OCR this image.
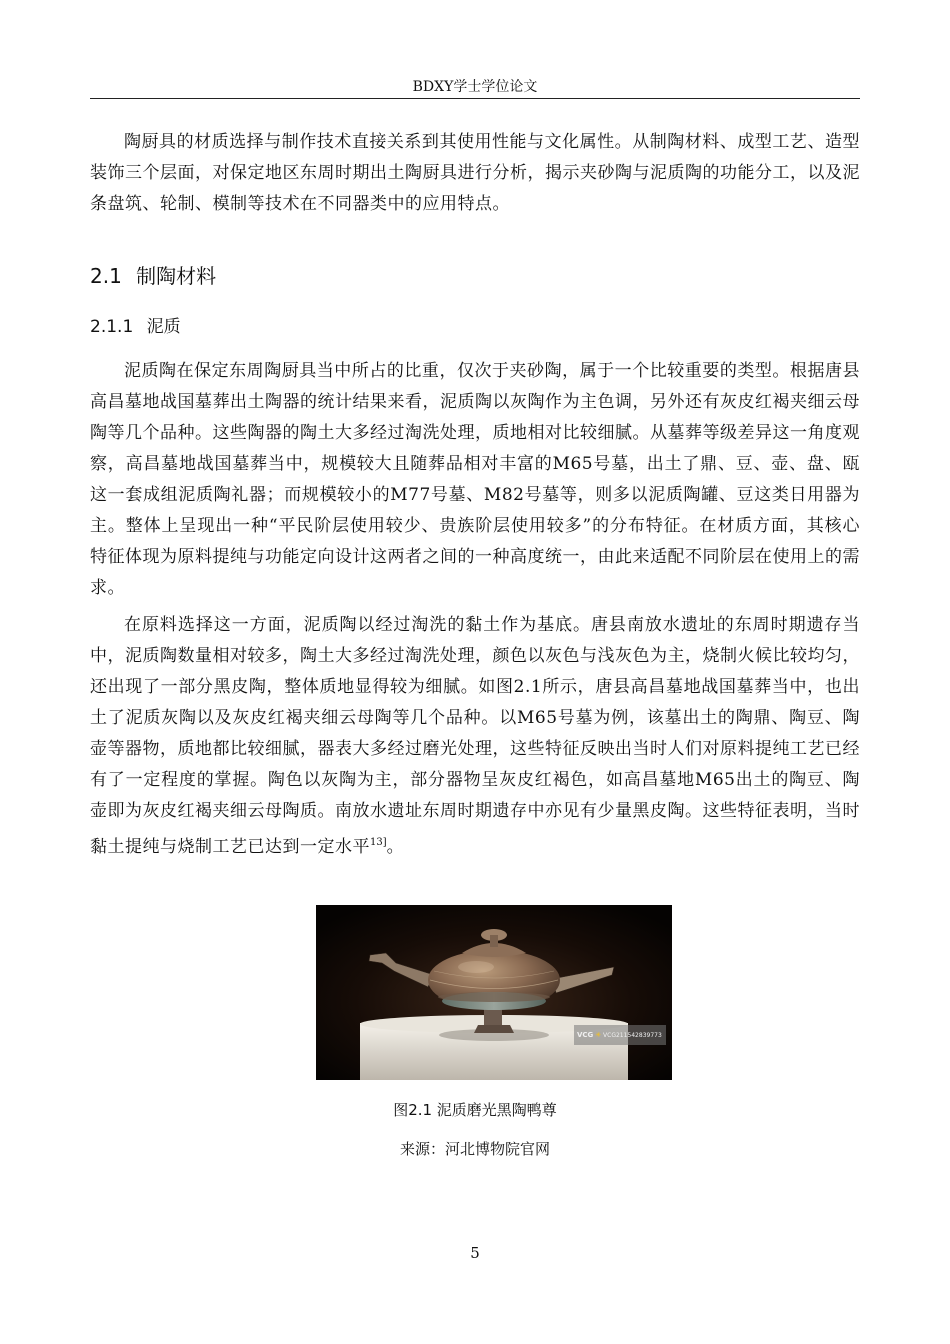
BDXY学士学位论文

陶厨具的材质选择与制作技术直接关系到其使用性能与文化属性。从制陶材料、成型工艺、造型装饰三个层面，对保定地区东周时期出土陶厨具进行分析，揭示夹砂陶与泥质陶的功能分工，以及泥条盘筑、轮制、模制等技术在不同器类中的应用特点。

2.1 制陶材料
2.1.1 泥质

泥质陶在保定东周陶厨具当中所占的比重，仅次于夹砂陶，属于一个比较重要的类型。根据唐县高昌墓地战国墓葬出土陶器的统计结果来看，泥质陶以灰陶作为主色调，另外还有灰皮红褐夹细云母陶等几个品种。这些陶器的陶土大多经过淘洗处理，质地相对比较细腻。从墓葬等级差异这一角度观察，高昌墓地战国墓葬当中，规模较大且随葬品相对丰富的M65号墓，出土了鼎、豆、壶、盘、瓯这一套成组泥质陶礼器；而规模较小的M77号墓、M82号墓等，则多以泥质陶罐、豆这类日用器为主。整体上呈现出一种“平民阶层使用较少、贵族阶层使用较多”的分布特征。在材质方面，其核心特征体现为原料提纯与功能定向设计这两者之间的一种高度统一，由此来适配不同阶层在使用上的需求。

在原料选择这一方面，泥质陶以经过淘洗的黏土作为基底。唐县南放水遗址的东周时期遗存当中，泥质陶数量相对较多，陶土大多经过淘洗处理，颜色以灰色与浅灰色为主，烧制火候比较均匀，还出现了一部分黑皮陶，整体质地显得较为细腻。如图2.1所示，唐县高昌墓地战国墓葬当中，也出土了泥质灰陶以及灰皮红褐夹细云母陶等几个品种。以M65号墓为例，该墓出土的陶鼎、陶豆、陶壶等器物，质地都比较细腻，器表大多经过磨光处理，这些特征反映出当时人们对原料提纯工艺已经有了一定程度的掌握。陶色以灰陶为主，部分器物呈灰皮红褐色，如高昌墓地M65出土的陶豆、陶壶即为灰皮红褐夹细云母陶质。南放水遗址东周时期遗存中亦见有少量黑皮陶。这些特征表明，当时黏土提纯与烧制工艺已达到一定水平$^{13]}$。

VCG ✳ VCG211542839773
图2.1 泥质磨光黑陶鸭尊
来源：河北博物院官网
5
